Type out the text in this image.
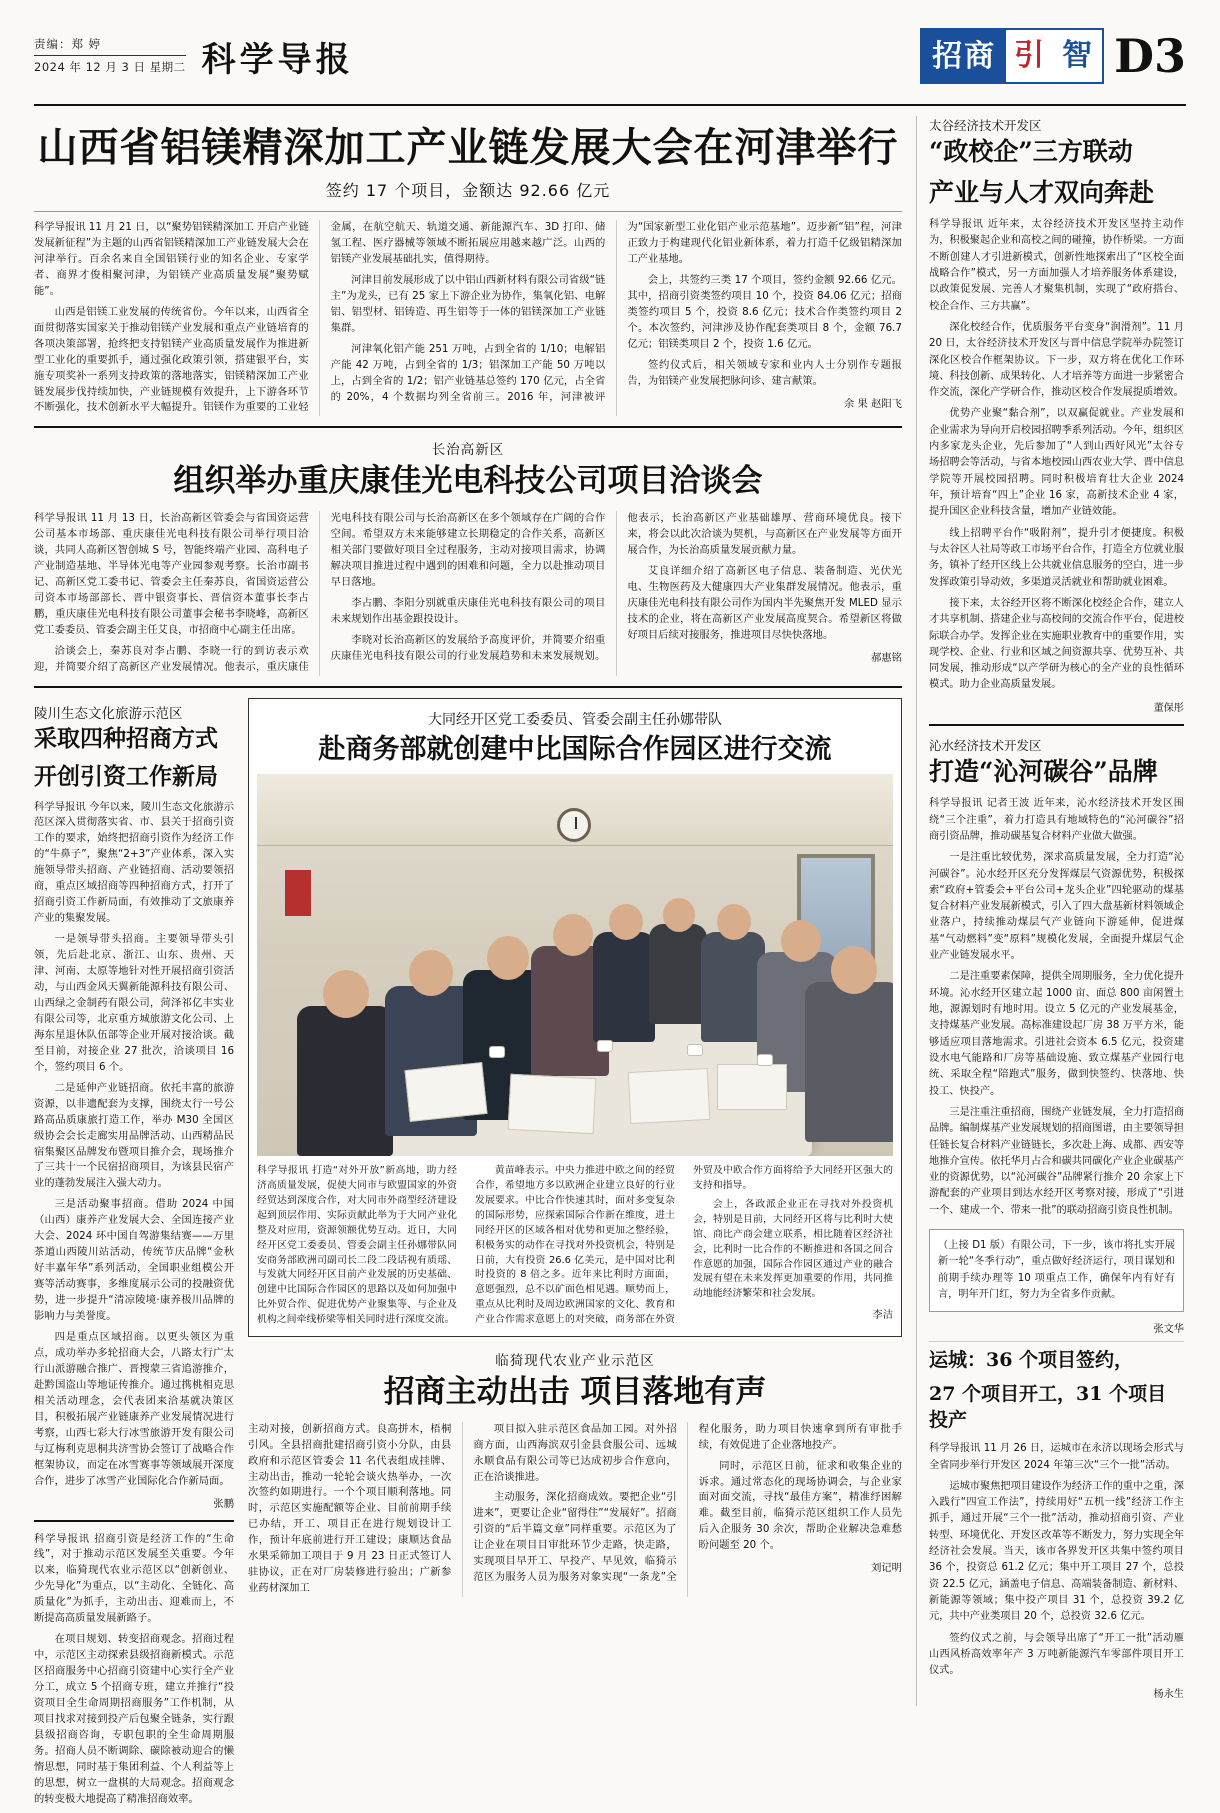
责编：郑 婷
2024 年 12 月 3 日 星期二 科学导报	招商 引 智 D3
山西省铝镁精深加工产业链发展大会在河津举行
签约 17 个项目，金额达 92.66 亿元

科学导报讯 11 月 21 日，以“聚势铝镁精深加工 开启产业链发展新征程”为主题的山西省铝镁精深加工产业链发展大会在河津举行。百余名来自全国铝镁行业的知名企业、专家学者、商界才俊相聚河津，为铝镁产业高质量发展“聚势赋能”。

山西是铝镁工业发展的传统省份。今年以来，山西省全面贯彻落实国家关于推动铝镁产业发展和重点产业链培育的各项决策部署，抢终把支持铝镁产业高质量发展作为推进新型工业化的重要抓手，通过强化政策引领，搭建银平台，实施专项奖补一系列支持政策的落地落实，铝镁精深加工产业链发展步伐持续加快，产业链规模有效提升，上下游各环节不断强化，技术创新水平大幅提升。铝镁作为重要的工业轻金属，在航空航天、轨道交通、新能源汽车、3D 打印、储氢工程、医疗器械等领域不断拓展应用越来越广泛。山西的铝镁产业发展基础扎实，值得期待。

河津目前发展形成了以中铝山西新材料有限公司省级“链主”为龙头，已有 25 家上下游企业为协作，集氧化铝、电解铝、铝型材、铝铸造、再生铝等于一体的铝镁深加工产业链集群。

河津氧化铝产能 251 万吨，占到全省的 1/10；电解铝产能 42 万吨，占到全省的 1/3；铝深加工产能 50 万吨以上，占到全省的 1/2；铝产业链基总签约 170 亿元，占全省的 20%，4 个数据均列全省前三。2016 年，河津被评为“国家新型工业化铝产业示范基地”。迈步新“铝”程，河津正致力于构建现代化铝业新体系，着力打造千亿级铝精深加工产业基地。

会上，共签约三类 17 个项目，签约金额 92.66 亿元。其中，招商引资类签约项目 10 个，投资 84.06 亿元；招商类签约项目 5 个，投资 8.6 亿元；技术合作类签约项目 2 个。本次签约，河津涉及协作配套类项目 8 个，金额 76.7 亿元；铝镁类项目 2 个，投资 1.6 亿元。

签约仪式后，相关领域专家和业内人士分别作专题报告，为铝镁产业发展把脉问诊、建言献策。

余 果 赵阳飞
长治高新区
组织举办重庆康佳光电科技公司项目洽谈会

科学导报讯 11 月 13 日，长治高新区管委会与省国资运营公司基本市场部、重庆康佳光电科技有限公司举行项目洽谈，共同人高新区智创城 S 号，智能终端产业园、高科电子产业制造基地、半导体光电等产业园参观考察。长治市副书记、高新区党工委书记、管委会主任秦苏良，省国资运营公司资本市场部部长、晋中银资事长、晋信资本董事长李占鹏，重庆康佳光电科技有限公司董事会秘书李晓峰，高新区党工委委员、管委会副主任艾良，市招商中心副主任出席。

洽谈会上，秦苏良对李占鹏、李晓一行的到访表示欢迎，并简要介绍了高新区产业发展情况。他表示，重庆康佳光电科技有限公司与长治高新区在多个领域存在广阔的合作空间。希望双方未来能够建立长期稳定的合作关系，高新区相关部门要做好项目全过程服务，主动对接项目需求，协调解决项目推进过程中遇到的困难和问题，全力以赴推动项目早日落地。

李占鹏、李阳分别就重庆康佳光电科技有限公司的项目未来规划作出基金跟投设计。

李晓对长治高新区的发展给予高度评价，并简要介绍重庆康佳光电科技有限公司的行业发展趋势和未来发展规划。他表示，长治高新区产业基础雄厚、营商环境优良。接下来，将会以此次洽谈为契机，与高新区在产业发展等方面开展合作，为长治高质量发展贡献力量。

艾良详细介绍了高新区电子信息、装备制造、光伏光电、生物医药及大健康四大产业集群发展情况。他表示，重庆康佳光电科技有限公司作为国内半先聚焦开发 MLED 显示技术的企业，将在高新区产业发展高度契合。希望新区将做好项目后续对接服务，推进项目尽快快落地。

郝惠铭
陵川生态文化旅游示范区
采取四种招商方式
开创引资工作新局

科学导报讯 今年以来，陵川生态文化旅游示范区深入贯彻落实省、市、县关于招商引资工作的要求，始终把招商引资作为经济工作的“牛鼻子”，聚焦“2+3”产业体系，深入实施领导带头招商、产业链招商、活动要领招商，重点区域招商等四种招商方式，打开了招商引资工作新局面，有效推动了文旅康养产业的集聚发展。

一是领导带头招商。主要领导带头引领，先后赴北京、浙江、山东、贵州、天津、河南、太原等地针对性开展招商引资活动，与山西金风天翼新能源科技有限公司、山西绿之金制药有限公司，菏泽祁亿丰实业有限公司等，北京重方城旅游文化公司、上海东星退休队伍部等企业开展对接洽谈。截至目前，对接企业 27 批次，洽谈项目 16 个，签约项目 6 个。

二是延伸产业链招商。依托丰富的旅游资源，以非遗配套为支撑，围绕太行一号公路高品质康旅打造工作，举办 M30 全国区级协会会长走廊实用品牌活动、山西精品民宿集聚区品牌发布暨项目推介会，现场推介了三共十一个民宿招商项目，为该县民宿产业的蓬勃发展注入强大动力。

三是活动聚事招商。借助 2024 中国（山西）康养产业发展大会、全国连接产业大会、2024 环中国自驾游集结赛——万里茶道山西陵川站活动，传统节庆品牌“金秋好丰嘉年华”系列活动，全国职业组模公开赛等活动赛事，多维度展示公司的投融资优势，进一步提升“清凉陵境·康养极川品牌的影响力与美誉度。

四是重点区域招商。以更头领区为重点，成功举办多轮招商大会，八路太行广太行山派游融合推广、晋搜蒙三省追游推介，赴黔国盗山等地证传推介。通过携桃相克思相关活动理念，会代表团来洽基就决策区目，积极拓展产业链康养产业发展情况进行考察，山西七彩大行冰雪旅游开发有限公司与辽梅利克思桐共济雪协会签订了战略合作框架协议，而定在冰雪赛事等领域展开深度合作，进步了冰雪产业国际化合作新局面。

张鹏

科学导报讯 招商引资是经济工作的“生命线”，对于推动示范区发展至关重要。今年以来，临猗现代农业示范区以“创新创业、少先导化”为重点，以“主动化、全链化、高质量化”为抓手，主动出击、迎难而上，不断提高高质量发展新路子。

在项目规划、转变招商观念。招商过程中，示范区主动探索县级招商新模式。示范区招商服务中心招商引资建中心实行全产业分工，成立 5 个招商专班，建立并推行“投资项目全生命周期招商服务”工作机制，从项目找求对接到投产后包聚全链条，实行跟县级招商咨询，专职包职的全生命周期服务。招商人员不断调除、碳除被动迎合的懒惰思想，同时基于集团利益、个人利益等上的思想，树立一盘棋的大局观念。招商观念的转变极大地提高了精准招商效率。

大同经开区党工委委员、管委会副主任孙娜带队
赴商务部就创建中比国际合作园区进行交流

科学导报讯 打造“对外开放”新高地，助力经济高质量发展，促使大同市与欧盟国家的外资经贸达到深度合作，对大同市外商型经济建设起到顶层作用、实际贡献此举为于大同产业化整及对应用，资源领额优势互动。近日，大同经开区党工委委员、管委会副主任孙娜带队同安商务部欧洲司副司长二段二段话视有质瑶、与发就大同经开区目前产业发展的历史基础、创建中比国际合作园区的思路以及如何加强中比外贸合作、促进优势产业聚集等、与企业及机构之间牵线桥梁等相关同时进行深度交流。

黄苗峰表示。中央力推进中欧之间的经贸合作，希望地方多以欧洲企业建立良好的行业发展要求。中比合作快速其时，面对多变复杂的国际形势，应探索国际合作新在维度，进土同经开区的区域各相对优势和更加之整经验，积极务实的动作在寻找对外投资机会，特别是日前，大有投资 26.6 亿美元，是中国对比利时投资的 8 倍之多。近年来比利时方面面，意愿强烈，总不以矿面色相见遇。顺势而上，重点从比利时及周边欧洲国家的文化、教育和产业合作需求意愿上的对突破，商务部在外资外贸及中欧合作方面将给予大同经开区强大的支持和指导。

会上，各政派企业正在寻找对外投资机会，特别是目前，大同经开区将与比利时大使馆、商比产商会建立联系，相比随着区经济社会，比利时一比合作的不断推进和各国之间合作意愿的加强，国际合作园区通过产业的融合发展有望在未来发挥更加重要的作用，共同推动地能经济繁荣和社会发展。

李洁
临猗现代农业产业示范区
招商主动出击 项目落地有声

主动对接，创新招商方式。良高拼木，梧桐引风。全县招商批建招商引资小分队，由县政府和示范区管委会 11 名代表组成挂牌、主动出击，推动一轮轮会谈火热举办，一次次签约如期进行。一个个项目顺利落地。同时，示范区实施配额等企业、目前前期手续已办结，开工、项目正在进行规划设计工作，预计年底前进行开工建设；康顺达食品水果采筛加工项目于 9 月 23 日正式签订人驻协议，正在对厂房装修进行验出；广新参业药材深加工

项目拟入驻示范区食品加工园。对外招商方面，山西海滨双引金县食服公司、远城永顺食品有限公司等已达成初步合作意向，正在洽谈推进。

主动服务，深化招商成效。要把企业“引进来”，更要让企业“留得住”“发展好”。招商引资的“后半篇文章”同样重要。示范区为了让企业在项目目审批环节少走路，快走路，实现项目早开工、早投产、早见效，临猗示范区为服务人员为服务对象实现“一条龙”全程化服务，助力项目快速拿到所有审批手续，有效促进了企业落地投产。

同时，示范区日前，征求和收集企业的诉求。通过常态化的现场协调会，与企业家面对面交流，寻找“最佳方案”，精准纾困解难。截至目前，临猗示范区组织工作人员先后入企服务 30 余次，帮助企业解决急难愁盼问题至 20 个。

刘记明
太谷经济技术开发区
“政校企”三方联动
产业与人才双向奔赴

科学导报讯 近年来，太谷经济技术开发区坚持主动作为，积极聚起企业和高校之间的碰撞，协作桥梁。一方面不断创建人才引进新模式，创新性地探索出了“区校全面战略合作”模式，另一方面加强人才培养服务体系建设，以政策促发展、完善人才聚集机制，实现了“政府搭台、校企合作、三方共赢”。

深化校经合作，优质服务平台变身“润滑剂”。11 月 20 日，太谷经济技术开发区与晋中信息学院举办院签订深化区校合作框架协议。下一步，双方将在优化工作环境、科技创新、成果转化、人才培养等方面进一步紧密合作交流，深化产学研合作，推动区校合作发展提质增效。

优势产业聚“黏合剂”，以双赢促就业。产业发展和企业需求为导向开启校园招聘季系列活动。今年，组织区内多家龙头企业，先后参加了“人到山西好风光”太谷专场招聘会等活动，与省本地校园山西农业大学、晋中信息学院等开展校园招聘。同时积极培育壮大企业 2024 年，预计培育“四上”企业 16 家，高新技术企业 4 家，提升国区企业科技含量，增加产业链效能。

线上招聘平台作“吸附剂”，提升引才便捷度。积极与太谷区人社局等政工市场平台合作，打造全方位就业服务，镇补了经开区线上公共就业信息服务的空白，进一步发挥政策引导动效，多渠道灵活就业和帮助就业困难。

接下来，太谷经开区将不断深化校经企合作，建立人才共享机制、搭建企业与高校间的交流合作平台，促进校际联合办学。发挥企业在实施职业教育中的重要作用，实现学校、企业、行业和区域之间资源共享、优势互补、共同发展，推动形成“以产学研为核心的全产业的良性循环模式。助力企业高质量发展。

董保彤
沁水经济技术开发区
打造“沁河碳谷”品牌

科学导报讯 记者王波 近年来，沁水经济技术开发区围绕“三个注重”，着力打造具有地域特色的“沁河碳谷”招商引资品牌，推动碳基复合材料产业做大做强。

一是注重比较优势，深求高质量发展，全力打造“沁河碳谷”。沁水经开区充分发挥煤层气资源优势，积极探索“政府+管委会+平台公司+龙头企业”四轮驱动的煤基复合材料产业发展新模式，引入了四大盘基新材料领域企业落户，持续推动煤层气产业链向下游延伸，促进煤基“气动燃料”变“原料”规模化发展，全面提升煤层气企业产业链发展水平。

二是注重要素保障，提供全周期服务，全力优化提升环境。沁水经开区建立起 1000 亩、面总 800 亩闲置土地，源源划时有地时用。设立 5 亿元的产业发展基金，支持煤基产业发展。高标准建设起厂房 38 万平方米，能够适应项目落地需求。引进社会资本 6.5 亿元，投资建设水电气能路和厂房等基础设施、致立煤基产业园行电统、采取全程“陪跑式”服务，做到快签约、快落地、快投工、快投产。

三是注重注重招商，围绕产业链发展，全力打造招商品牌。编制煤基产业发展规划的招商图谱，由主要领导担任链长复合材料产业链链长，多次赴上海、成都、西安等地推介宣传。依托华月占合和碳共同碳化产业企业碳基产业的资源优势，以“沁河碳谷”品牌紧行推介 20 余家上下游配套的产业项目到达水经开区考察对接，形成了“引进一个、建成一个、带来一批”的联动招商引资良性机制。

（上接 D1 版）有限公司，下一步，该市将扎实开展新一轮“冬季行动”，重点做好经济运行，项目谋划和前期手续办理等 10 项重点工作，确保年内有好有言，明年开门红，努力为全省多作贡献。
张文华
运城：36 个项目签约，
27 个项目开工，31 个项目投产

科学导报讯 11 月 26 日，运城市在永济以现场会形式与全省同步举行开发区 2024 年第三次“三个一批”活动。

运城市聚焦把项目建设作为经济工作的重中之重，深入践行“四宣工作法”，持续用好“五机一线”经济工作主抓手，通过开展“三个一批”活动，推动招商引资、产业转型、环境优化、开发区改革等不断发力，努力实现全年经济社会发展。当天，该市各界发开区共集中签约项目 36 个，投资总 61.2 亿元；集中开工项目 27 个，总投资 22.5 亿元，涵盖电子信息、高端装备制造、新材料、新能源等领域；集中投产项目 31 个，总投资 39.2 亿元，共中产业类项目 20 个，总投资 32.6 亿元。

签约仪式之前，与会领导出席了“开工一批”活动雁山西风桥高效率年产 3 万吨新能源汽车零部件项目开工仪式。

杨永生
